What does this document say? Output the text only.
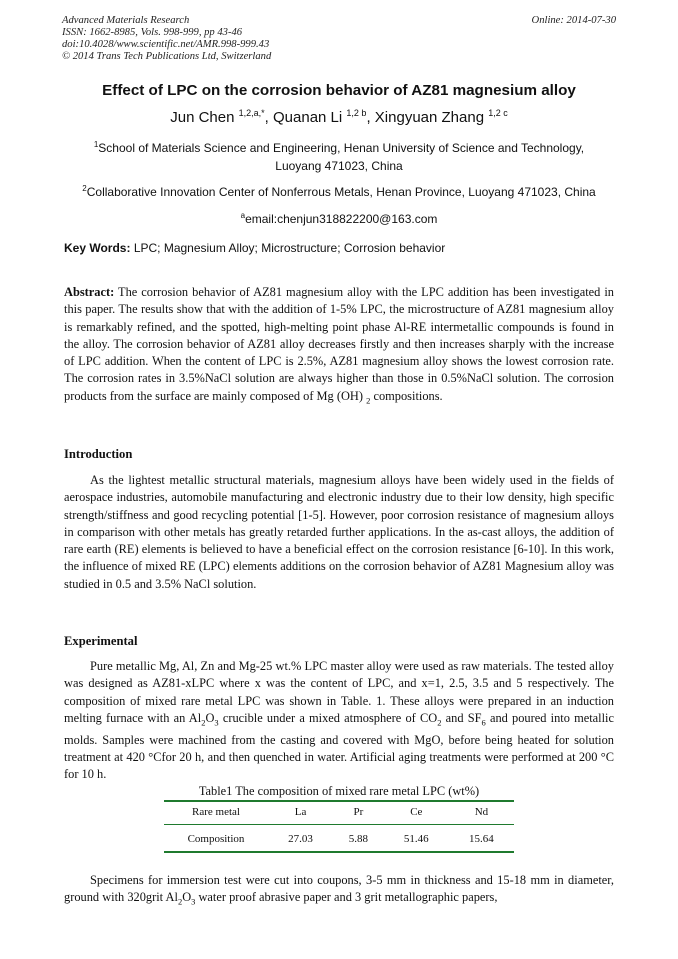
Advanced Materials Research
ISSN: 1662-8985, Vols. 998-999, pp 43-46
doi:10.4028/www.scientific.net/AMR.998-999.43
© 2014 Trans Tech Publications Ltd, Switzerland
Online: 2014-07-30
Effect of LPC on the corrosion behavior of AZ81 magnesium alloy
Jun Chen $^{1,2,a,*}$, Quanan Li $^{1,2 b}$, Xingyuan Zhang $^{1,2 c}$
$^1$School of Materials Science and Engineering, Henan University of Science and Technology, Luoyang 471023, China
$^2$Collaborative Innovation Center of Nonferrous Metals, Henan Province, Luoyang 471023, China
$^a$email:chenjun318822200@163.com
Key Words: LPC; Magnesium Alloy; Microstructure; Corrosion behavior
Abstract: The corrosion behavior of AZ81 magnesium alloy with the LPC addition has been investigated in this paper. The results show that with the addition of 1-5% LPC, the microstructure of AZ81 magnesium alloy is remarkably refined, and the spotted, high-melting point phase Al-RE intermetallic compounds is found in the alloy. The corrosion behavior of AZ81 alloy decreases firstly and then increases sharply with the increase of LPC addition. When the content of LPC is 2.5%, AZ81 magnesium alloy shows the lowest corrosion rate. The corrosion rates in 3.5%NaCl solution are always higher than those in 0.5%NaCl solution. The corrosion products from the surface are mainly composed of Mg (OH) $_2$ compositions.
Introduction
As the lightest metallic structural materials, magnesium alloys have been widely used in the fields of aerospace industries, automobile manufacturing and electronic industry due to their low density, high specific strength/stiffness and good recycling potential [1-5]. However, poor corrosion resistance of magnesium alloys in comparison with other metals has greatly retarded further applications. In the as-cast alloys, the addition of rare earth (RE) elements is believed to have a beneficial effect on the corrosion resistance [6-10]. In this work, the influence of mixed RE (LPC) elements additions on the corrosion behavior of AZ81 Magnesium alloy was studied in 0.5 and 3.5% NaCl solution.
Experimental
Pure metallic Mg, Al, Zn and Mg-25 wt.% LPC master alloy were used as raw materials. The tested alloy was designed as AZ81-xLPC where x was the content of LPC, and x=1, 2.5, 3.5 and 5 respectively. The composition of mixed rare metal LPC was shown in Table. 1. These alloys were prepared in an induction melting furnace with an $Al_2O_3$ crucible under a mixed atmosphere of $CO_2$ and $SF_6$ and poured into metallic molds. Samples were machined from the casting and covered with MgO, before being heated for solution treatment at 420 °Cfor 20 h, and then quenched in water. Artificial aging treatments were performed at 200 °C for 10 h.
Table1 The composition of mixed rare metal LPC (wt%)
Rare metal	La	Pr	Ce	Nd
Composition	27.03	5.88	51.46	15.64
Specimens for immersion test were cut into coupons, 3-5 mm in thickness and 15-18 mm in diameter, ground with 320grit $Al_2O_3$ water proof abrasive paper and 3 grit metallographic papers,
